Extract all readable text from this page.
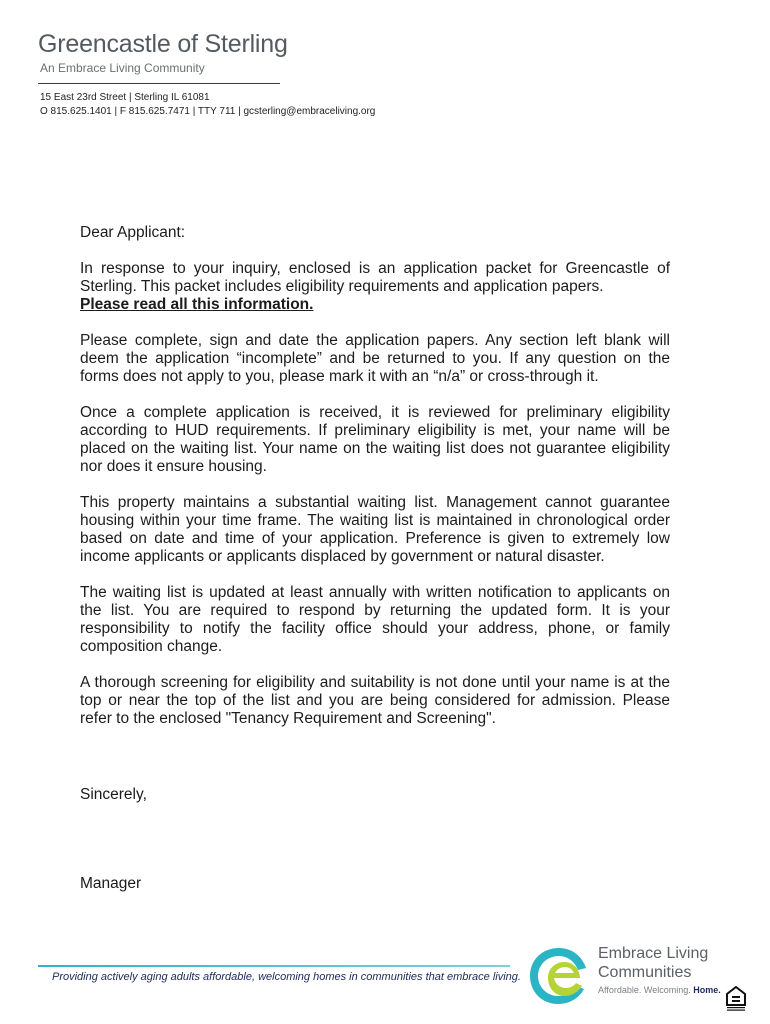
Greencastle of Sterling
An Embrace Living Community
15 East 23rd Street | Sterling IL 61081
O 815.625.1401 | F 815.625.7471 | TTY 711 | gcsterling@embraceliving.org

Dear Applicant:

In response to your inquiry, enclosed is an application packet for Greencastle of Sterling. This packet includes eligibility requirements and application papers.
Please read all this information.

Please complete, sign and date the application papers. Any section left blank will deem the application “incomplete” and be returned to you. If any question on the forms does not apply to you, please mark it with an “n/a” or cross-through it.

Once a complete application is received, it is reviewed for preliminary eligibility according to HUD requirements. If preliminary eligibility is met, your name will be placed on the waiting list. Your name on the waiting list does not guarantee eligibility nor does it ensure housing.

This property maintains a substantial waiting list. Management cannot guarantee housing within your time frame. The waiting list is maintained in chronological order based on date and time of your application. Preference is given to extremely low income applicants or applicants displaced by government or natural disaster.

The waiting list is updated at least annually with written notification to applicants on the list. You are required to respond by returning the updated form. It is your responsibility to notify the facility office should your address, phone, or family composition change.

A thorough screening for eligibility and suitability is not done until your name is at the top or near the top of the list and you are being considered for admission. Please refer to the enclosed "Tenancy Requirement and Screening".

Sincerely,
Manager
Providing actively aging adults affordable, welcoming homes in communities that embrace living.
Embrace Living
Communities
Affordable. Welcoming. Home.
